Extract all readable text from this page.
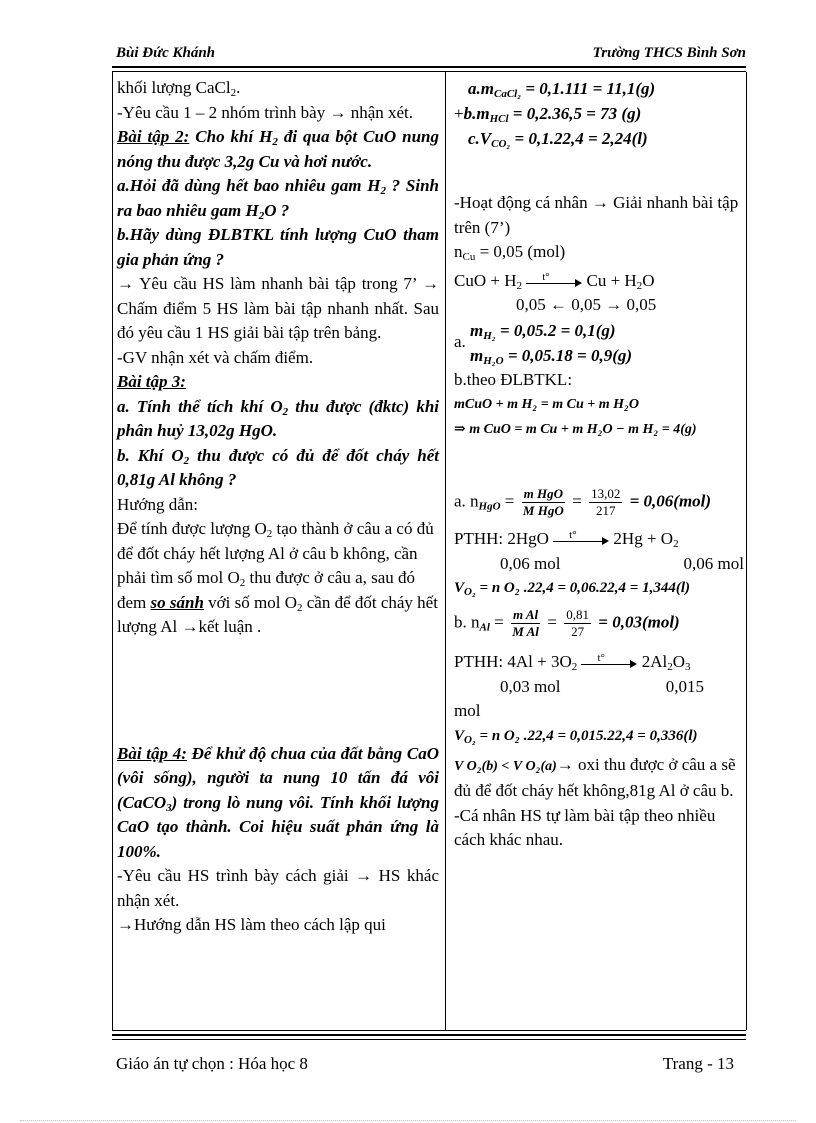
Bùi Đức Khánh	Trường THCS Bình Sơn
khối lượng CaCl$_2$.
-Yêu cầu 1 – 2 nhóm trình bày → nhận xét.
Bài tập 2: Cho khí $H_2$ đi qua bột CuO nung nóng thu được 3,2g Cu và hơi nước.
a.Hỏi đã dùng hết bao nhiêu gam $H_2$ ? Sinh ra bao nhiêu gam $H_2O$ ?
b.Hãy dùng ĐLBTKL tính lượng CuO tham gia phản ứng ?
→ Yêu cầu HS làm nhanh bài tập trong 7’ → Chấm điểm 5 HS làm bài tập nhanh nhất. Sau đó yêu cầu 1 HS giải bài tập trên bảng.
-GV nhận xét và chấm điểm.
Bài tập 3:
a. Tính thể tích khí $O_2$ thu được (đktc) khi phân huỷ 13,02g HgO.
b. Khí $O_2$ thu được có đủ để đốt cháy hết 0,81g Al không ?
Hướng dẫn:
Để tính được lượng $O_2$ tạo thành ở câu a có đủ để đốt cháy hết lượng Al ở câu b không, cần phải tìm số mol $O_2$ thu được ở câu a, sau đó đem so sánh với số mol $O_2$ cần để đốt cháy hết lượng Al →kết luận .
Bài tập 4: Để khử độ chua của đất bằng CaO (vôi sống), người ta nung 10 tấn đá vôi (CaCO$_3$) trong lò nung vôi. Tính khối lượng CaO tạo thành. Coi hiệu suất phản ứng là 100%.
-Yêu cầu HS trình bày cách giải → HS khác nhận xét.
→Hướng dẫn HS làm theo cách lập qui
$a.m_{CaCl_2} = 0,1.111 = 11,1(g)$
$+b.m_{HCl} = 0,2.36,5 = 73$ (g)
$c.V_{CO_2} = 0,1.22,4 = 2,24(l)$
-Hoạt động cá nhân → Giải nhanh bài tập trên (7’)
$n_{Cu} = 0,05$ (mol)
CuO + $H_2$
t° $Cu + H_2O$
0,05 ← 0,05 → 0,05
a.
$m_{H_2} = 0,05.2 = 0,1(g)$
$m_{H_2O} = 0,05.18 = 0,9(g)$
b.theo ĐLBTKL:
mCuO + m H₂ = m Cu + m H₂O
⇒ m CuO = m Cu + m H₂O − m H₂ = 4(g)
a. $n_{HgO} = \frac{\text{m HgO}}{\text{M HgO}} = \frac{13,02}{217} = 0,06(mol)$
PTHH: 2HgO t° $2Hg + O_2$
0,06 mol	0,06 mol
$V_{O_2} = n$ O₂ .22,4 = 0,06.22,4 = 1,344(l)
b. $n_{Al} = \frac{\text{m Al}}{\text{M Al}} = \frac{0,81}{27} = 0,03(mol)$
PTHH: $4Al + 3O_2$
t° $2Al_2O_3$
0,03 mol	0,015
mol
$V_{O_2} = n$ O₂ .22,4 = 0,015.22,4 = 0,336(l)
V O₂(b) < V O₂(a)→ oxi thu được ở câu a sẽ đủ để đốt cháy hết không,81g Al ở câu b.
-Cá nhân HS tự làm bài tập theo nhiều cách khác nhau.
Giáo án tự chọn : Hóa học 8	Trang - 13
